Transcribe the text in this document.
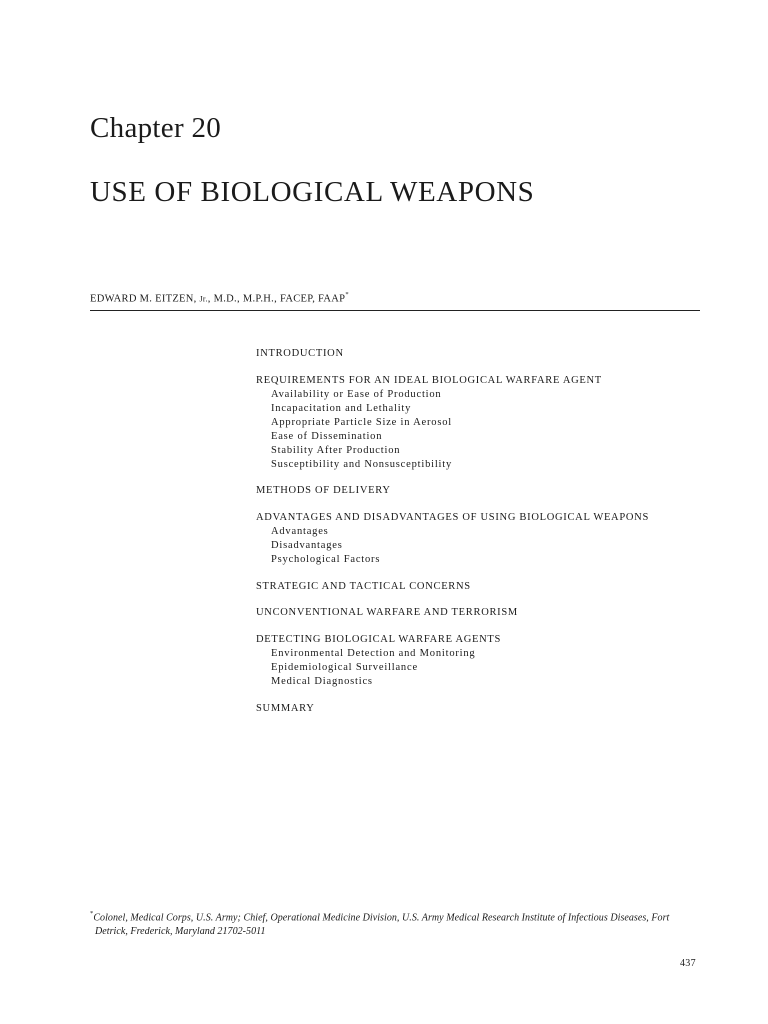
Chapter 20
USE OF BIOLOGICAL WEAPONS
EDWARD M. EITZEN, Jr., M.D., M.P.H., FACEP, FAAP*
INTRODUCTION
REQUIREMENTS FOR AN IDEAL BIOLOGICAL WARFARE AGENT
Availability or Ease of Production
Incapacitation and Lethality
Appropriate Particle Size in Aerosol
Ease of Dissemination
Stability After Production
Susceptibility and Nonsusceptibility
METHODS OF DELIVERY
ADVANTAGES AND DISADVANTAGES OF USING BIOLOGICAL WEAPONS
Advantages
Disadvantages
Psychological Factors
STRATEGIC AND TACTICAL CONCERNS
UNCONVENTIONAL WARFARE AND TERRORISM
DETECTING BIOLOGICAL WARFARE AGENTS
Environmental Detection and Monitoring
Epidemiological Surveillance
Medical Diagnostics
SUMMARY
*Colonel, Medical Corps, U.S. Army; Chief, Operational Medicine Division, U.S. Army Medical Research Institute of Infectious Diseases, Fort
Detrick, Frederick, Maryland 21702-5011
437
